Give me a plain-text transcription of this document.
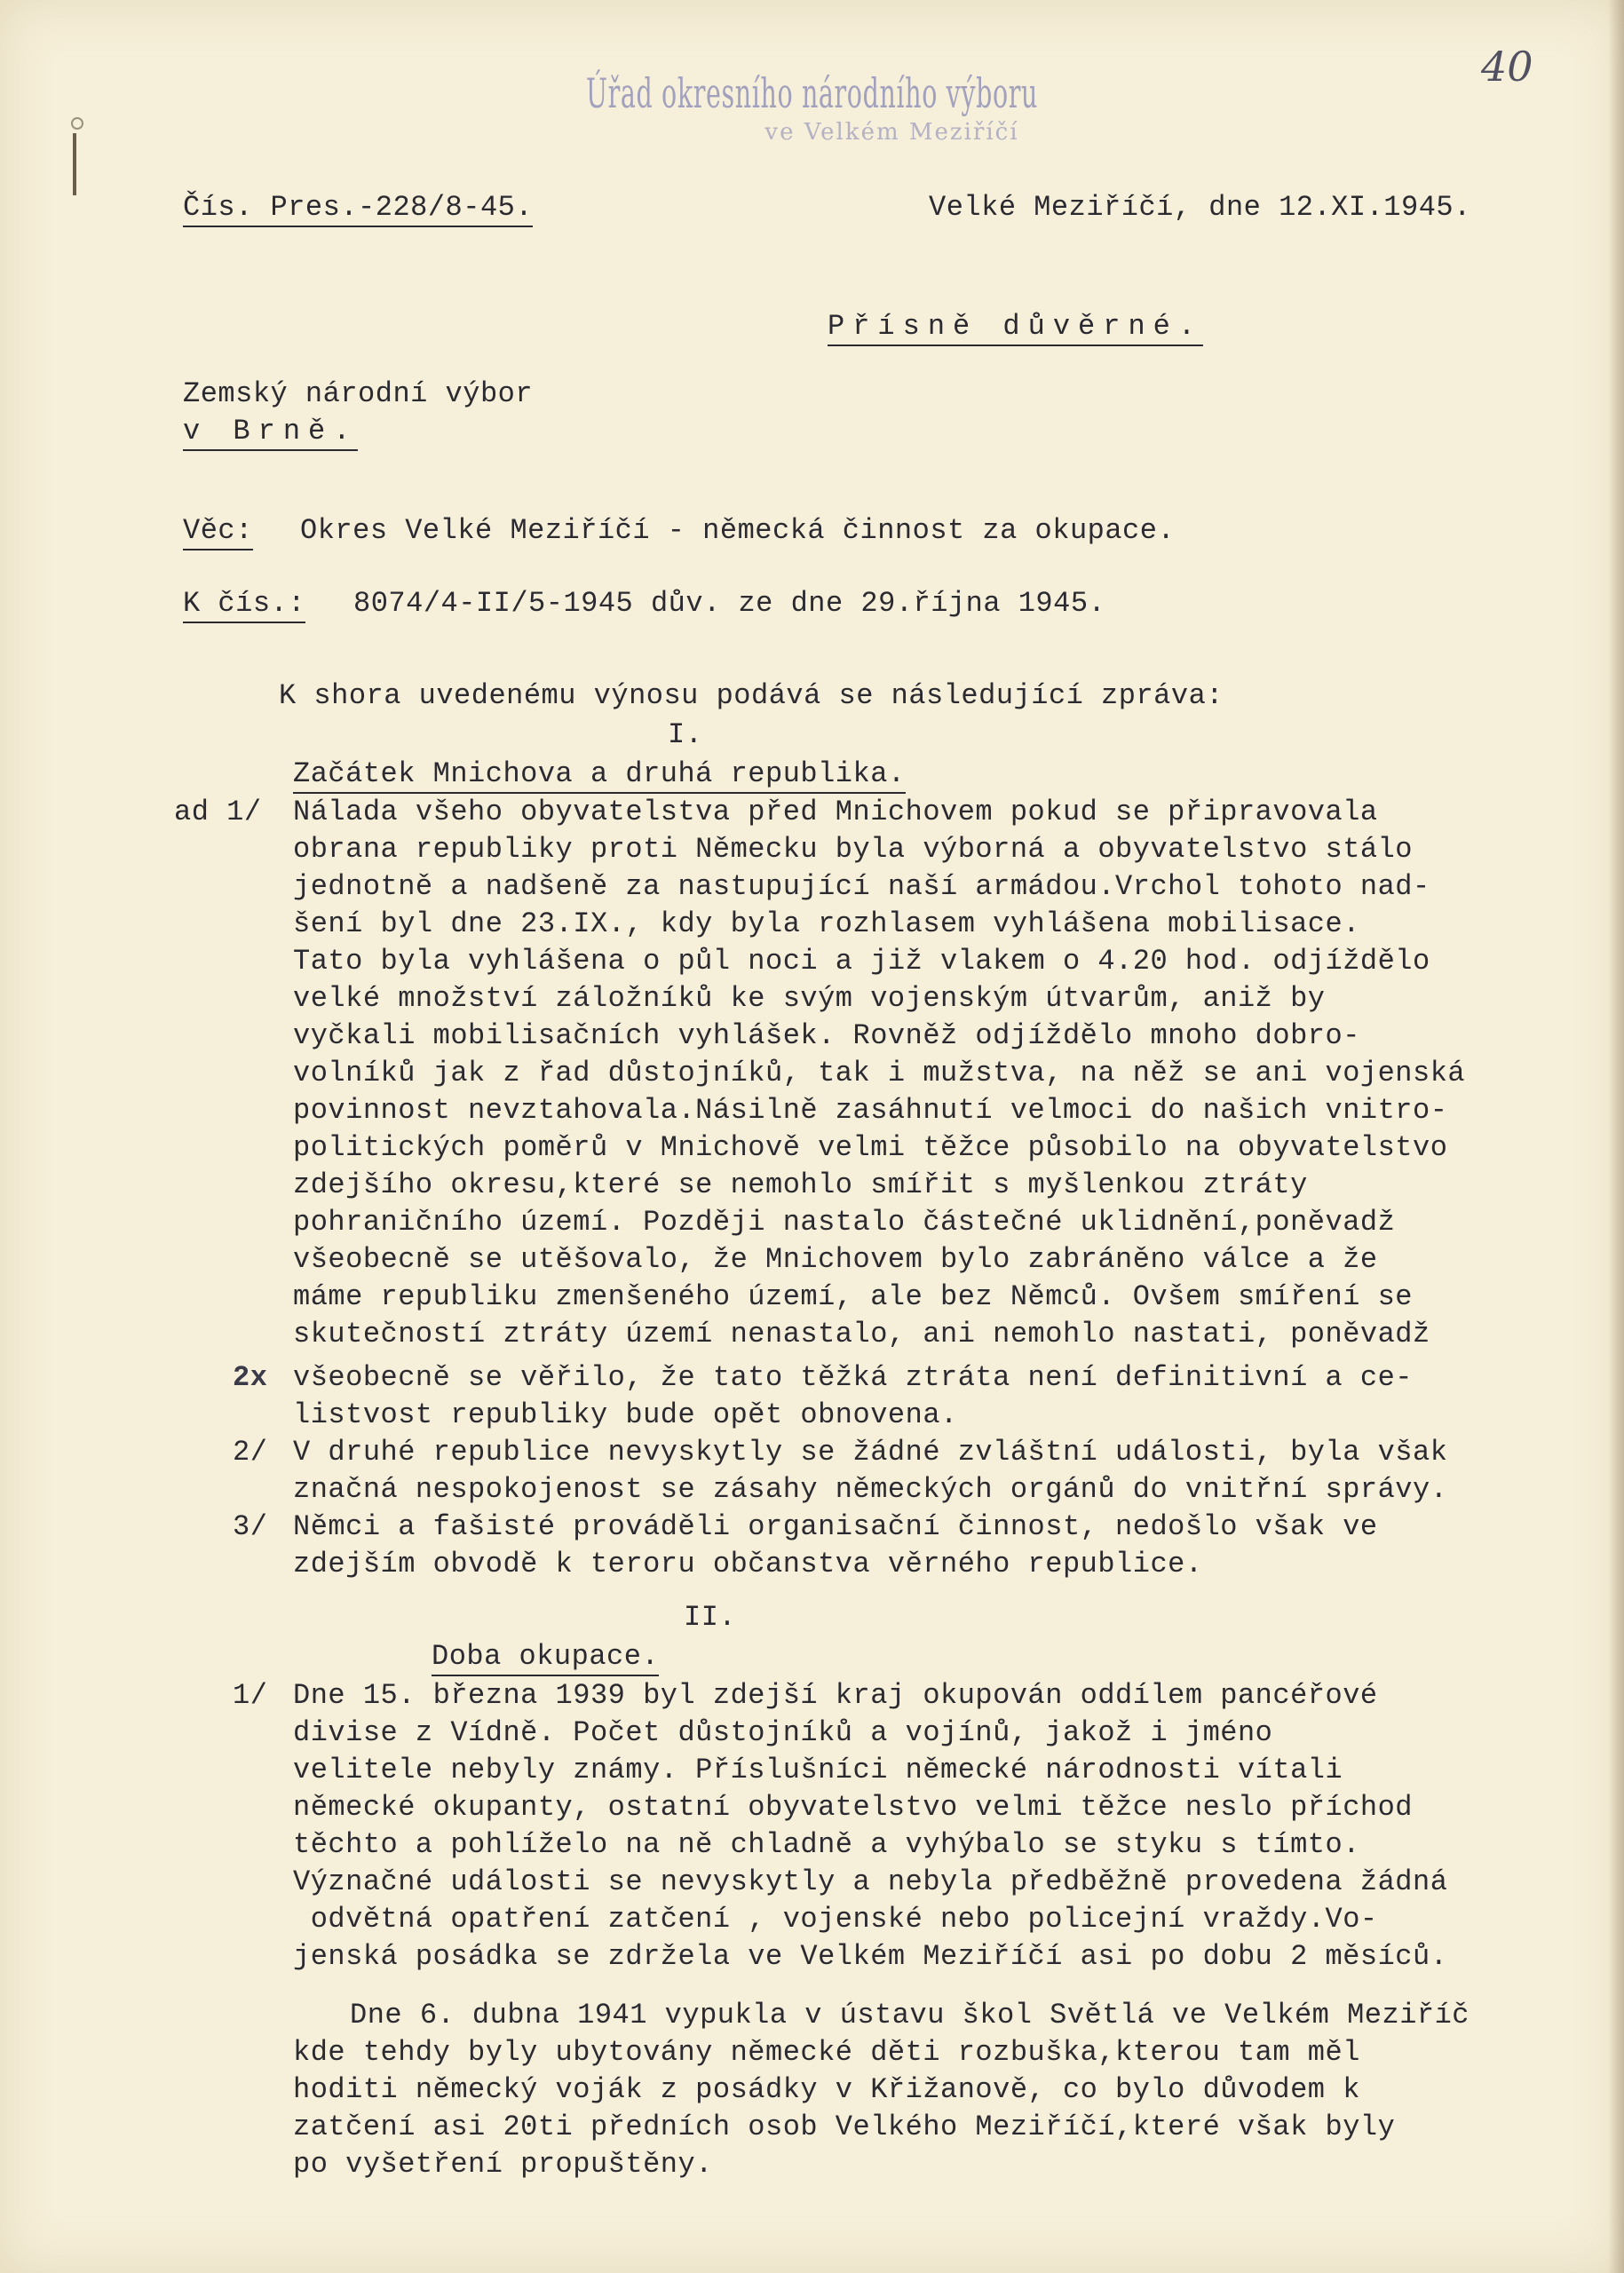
Úřad okresního národního výboru
ve Velkém Meziříčí
40
Čís. Pres.-228/8-45.	Velké Meziříčí, dne 12.XI.1945.
Přísně důvěrné.
Zemský národní výbor
v Brně.
Věc: Okres Velké Meziříčí - německá činnost za okupace.
K čís.: 8074/4-II/5-1945 dův. ze dne 29.října 1945.
K shora uvedenému výnosu podává se následující zpráva:
I.
Začátek Mnichova a druhá republika.
ad 1/
2x
2/
3/
Nálada všeho obyvatelstva před Mnichovem pokud se připravovala
obrana republiky proti Německu byla výborná a obyvatelstvo stálo
jednotně a nadšeně za nastupující naší armádou.Vrchol tohoto nad-
šení byl dne 23.IX., kdy byla rozhlasem vyhlášena mobilisace.
Tato byla vyhlášena o půl noci a již vlakem o 4.20 hod. odjíždělo
velké množství záložníků ke svým vojenským útvarům, aniž by
vyčkali mobilisačních vyhlášek. Rovněž odjíždělo mnoho dobro-
volníků jak z řad důstojníků, tak i mužstva, na něž se ani vojenská
povinnost nevztahovala.Násilně zasáhnutí velmoci do našich vnitro-
politických poměrů v Mnichově velmi těžce působilo na obyvatelstvo
zdejšího okresu,které se nemohlo smířit s myšlenkou ztráty
pohraničního území. Později nastalo částečné uklidnění,poněvadž
všeobecně se utěšovalo, že Mnichovem bylo zabráněno válce a že
máme republiku zmenšeného území, ale bez Němců. Ovšem smíření se
skutečností ztráty území nenastalo, ani nemohlo nastati, poněvadž
všeobecně se věřilo, že tato těžká ztráta není definitivní a ce-
listvost republiky bude opět obnovena.
V druhé republice nevyskytly se žádné zvláštní události, byla však
značná nespokojenost se zásahy německých orgánů do vnitřní správy.
Němci a fašisté prováděli organisační činnost, nedošlo však ve
zdejším obvodě k teroru občanstva věrného republice.
II.
Doba okupace.
1/ Dne 15. března 1939 byl zdejší kraj okupován oddílem pancéřové
divise z Vídně. Počet důstojníků a vojínů, jakož i jméno
velitele nebyly známy. Příslušníci německé národnosti vítali
německé okupanty, ostatní obyvatelstvo velmi těžce neslo příchod
těchto a pohlíželo na ně chladně a vyhýbalo se styku s tímto.
Význačné události se nevyskytly a nebyla předběžně provedena žádná
odvětná opatření zatčení , vojenské nebo policejní vraždy.Vo-
jenská posádka se zdržela ve Velkém Meziříčí asi po dobu 2 měsíců.
Dne 6. dubna 1941 vypukla v ústavu škol Světlá ve Velkém Meziříč
kde tehdy byly ubytovány německé děti rozbuška,kterou tam měl
hoditi německý voják z posádky v Křižanově, co bylo důvodem k
zatčení asi 20ti předních osob Velkého Meziříčí,které však byly
po vyšetření propuštěny.
